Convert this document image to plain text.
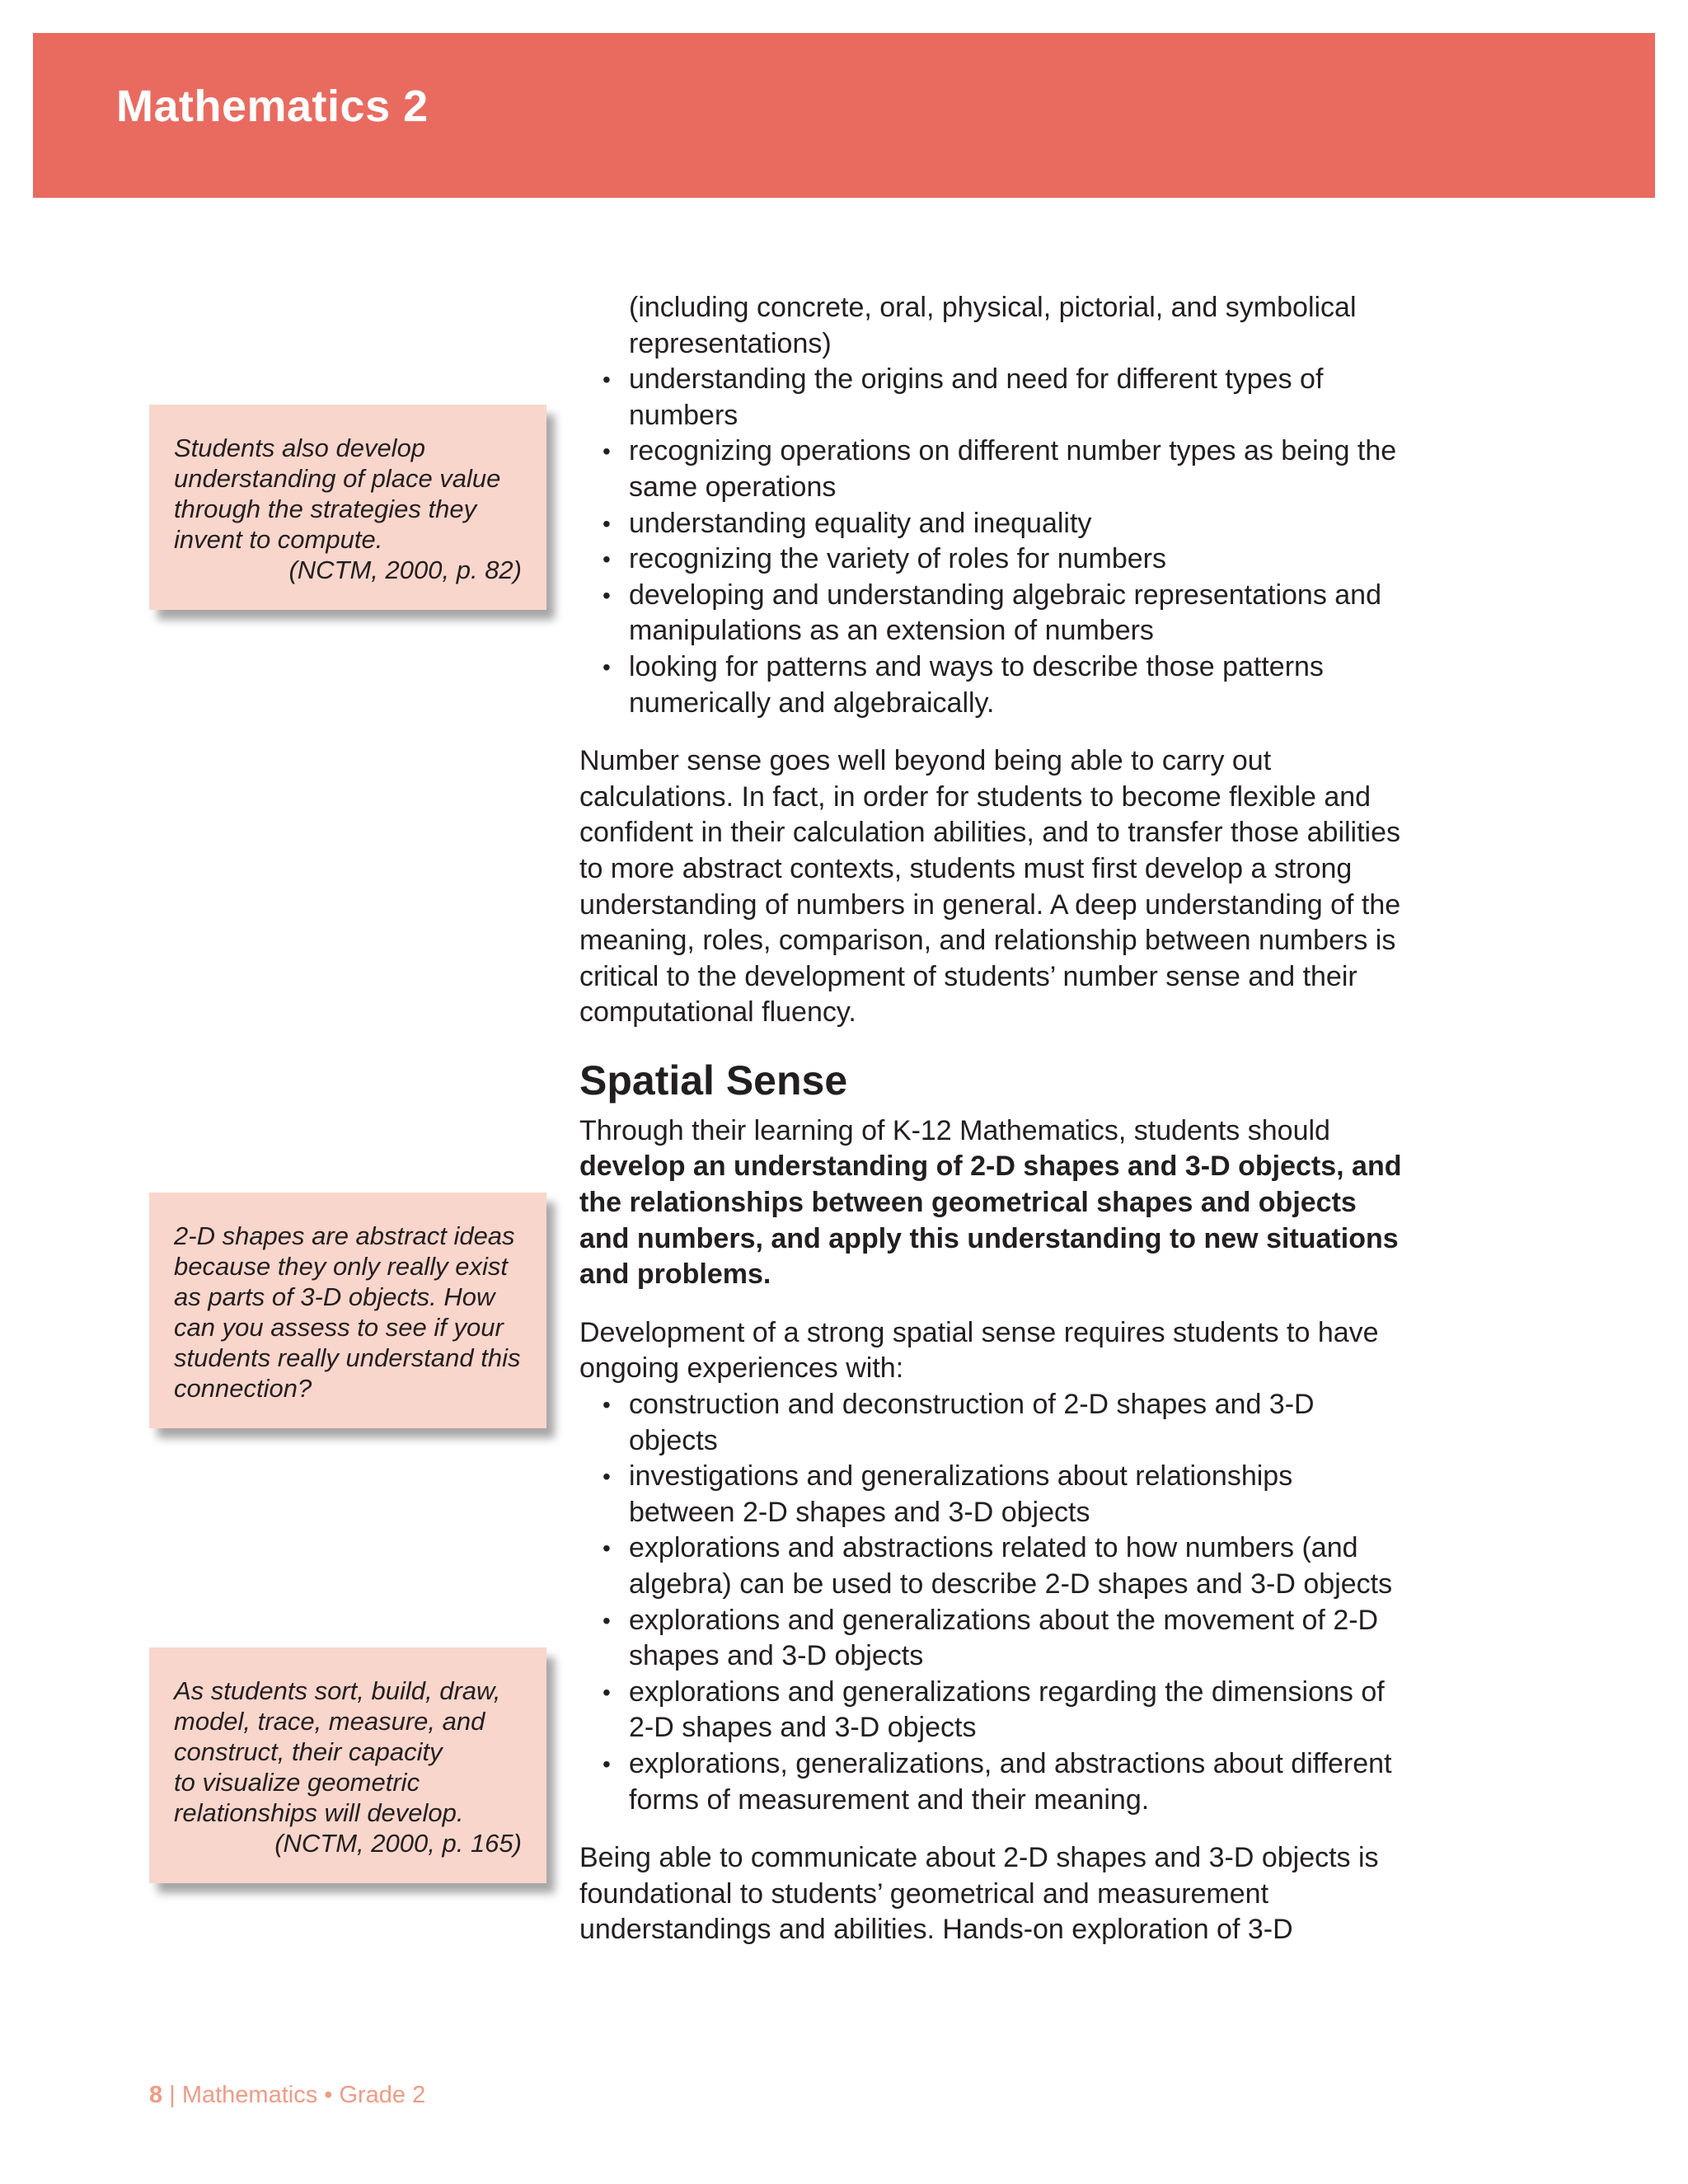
Mathematics 2
Students also develop
understanding of place value
through the strategies they
invent to compute.
(NCTM, 2000, p. 82)
2-D shapes are abstract ideas
because they only really exist
as parts of 3-D objects. How
can you assess to see if your
students really understand this
connection?
As students sort, build, draw,
model, trace, measure, and
construct, their capacity
to visualize geometric
relationships will develop.
(NCTM, 2000, p. 165)

(including concrete, oral, physical, pictorial, and symbolical representations)

• understanding the origins and need for different types of numbers
• recognizing operations on different number types as being the same operations
• understanding equality and inequality
• recognizing the variety of roles for numbers
• developing and understanding algebraic representations and manipulations as an extension of numbers
• looking for patterns and ways to describe those patterns numerically and algebraically.

Number sense goes well beyond being able to carry out calculations. In fact, in order for students to become flexible and confident in their calculation abilities, and to transfer those abilities to more abstract contexts, students must first develop a strong understanding of numbers in general. A deep understanding of the meaning, roles, comparison, and relationship between numbers is critical to the development of students’ number sense and their computational fluency.

Spatial Sense

Through their learning of K-12 Mathematics, students should develop an understanding of 2-D shapes and 3-D objects, and the relationships between geometrical shapes and objects and numbers, and apply this understanding to new situations and problems.

Development of a strong spatial sense requires students to have ongoing experiences with:

• construction and deconstruction of 2-D shapes and 3-D objects
• investigations and generalizations about relationships between 2-D shapes and 3-D objects
• explorations and abstractions related to how numbers (and algebra) can be used to describe 2-D shapes and 3-D objects
• explorations and generalizations about the movement of 2-D shapes and 3-D objects
• explorations and generalizations regarding the dimensions of 2-D shapes and 3-D objects
• explorations, generalizations, and abstractions about different forms of measurement and their meaning.

Being able to communicate about 2-D shapes and 3-D objects is foundational to students’ geometrical and measurement understandings and abilities. Hands-on exploration of 3-D

8 | Mathematics • Grade 2
